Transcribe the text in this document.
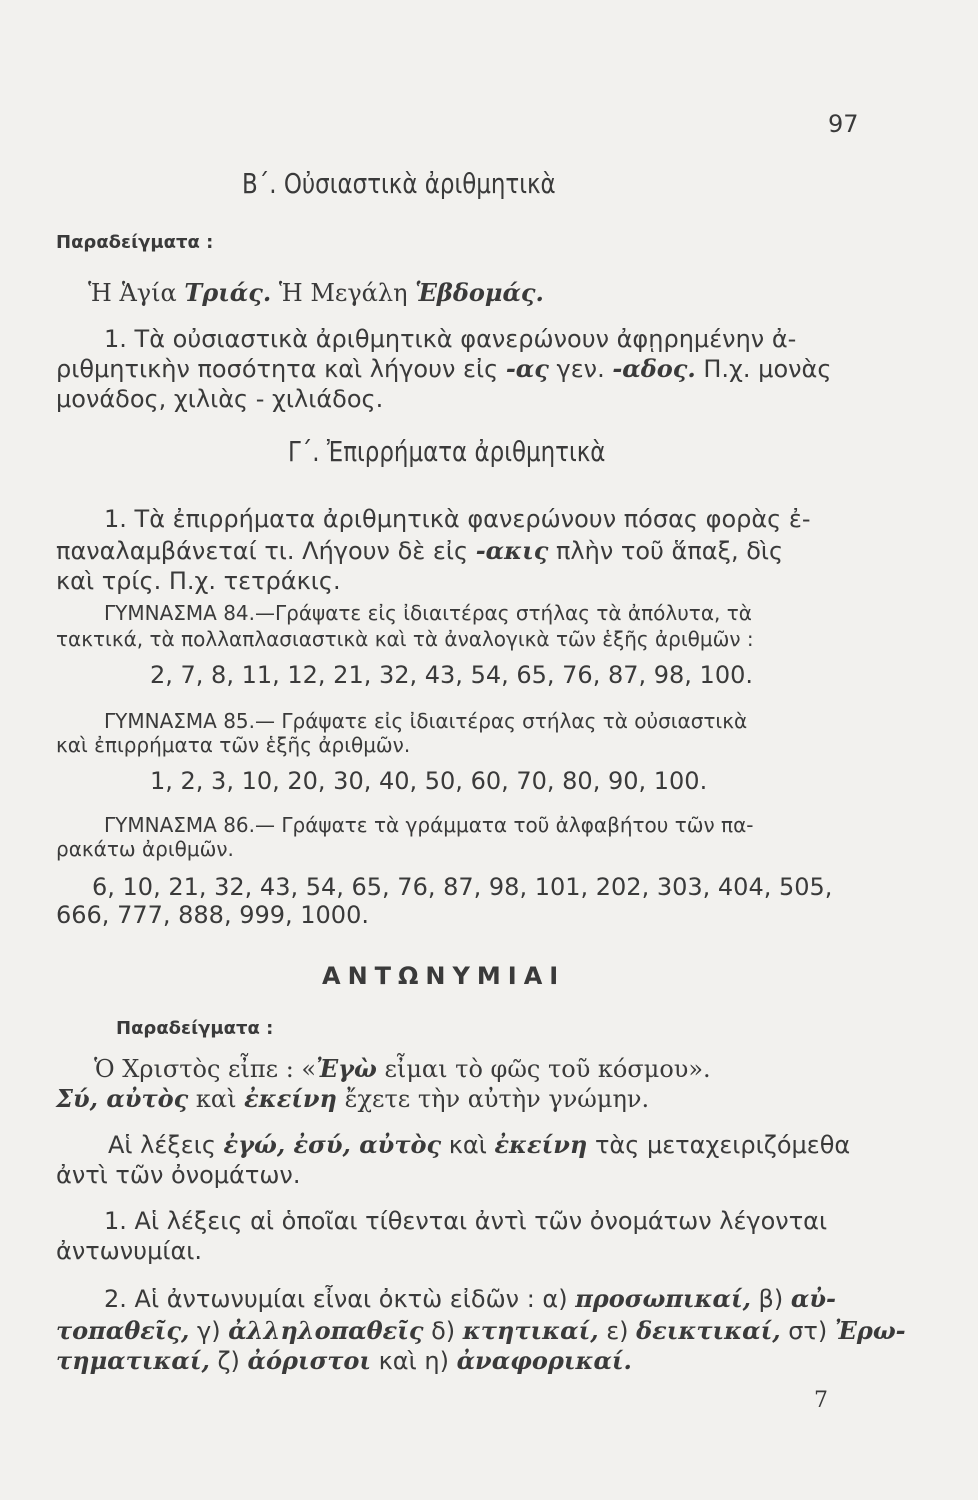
97
Β΄. Οὐσιαστικὰ ἀριθμητικὰ
Παραδείγματα :
Ἡ Ἁγία Τριάς. Ἡ Μεγάλη Ἑβδομάς.
1. Τὰ οὐσιαστικὰ ἀριθμητικὰ φανερώνουν ἀφῃρημένην ἀ-
ριθμητικὴν ποσότητα καὶ λήγουν εἰς -ας γεν. -αδος. Π.χ. μονὰς
μονάδος, χιλιὰς - χιλιάδος.
Γ΄. Ἐπιρρήματα ἀριθμητικὰ
1. Τὰ ἐπιρρήματα ἀριθμητικὰ φανερώνουν πόσας φορὰς ἐ-
παναλαμβάνεταί τι. Λήγουν δὲ εἰς -ακις πλὴν τοῦ ἅπαξ, δὶς
καὶ τρίς. Π.χ. τετράκις.
ΓΥΜΝΑΣΜΑ 84.—Γράψατε εἰς ἰδιαιτέρας στήλας τὰ ἀπόλυτα, τὰ
τακτικά, τὰ πολλαπλασιαστικὰ καὶ τὰ ἀναλογικὰ τῶν ἑξῆς ἀριθμῶν :
2, 7, 8, 11, 12, 21, 32, 43, 54, 65, 76, 87, 98, 100.
ΓΥΜΝΑΣΜΑ 85.— Γράψατε εἰς ἰδιαιτέρας στήλας τὰ οὐσιαστικὰ
καὶ ἐπιρρήματα τῶν ἑξῆς ἀριθμῶν.
1, 2, 3, 10, 20, 30, 40, 50, 60, 70, 80, 90, 100.
ΓΥΜΝΑΣΜΑ 86.— Γράψατε τὰ γράμματα τοῦ ἀλφαβήτου τῶν πα-
ρακάτω ἀριθμῶν.
6, 10, 21, 32, 43, 54, 65, 76, 87, 98, 101, 202, 303, 404, 505,
666, 777, 888, 999, 1000.
ΑΝΤΩΝΥΜΙΑΙ
Παραδείγματα :
Ὁ Χριστὸς εἶπε : «Ἐγὼ εἶμαι τὸ φῶς τοῦ κόσμου».
Σύ, αὐτὸς καὶ ἐκείνη ἔχετε τὴν αὐτὴν γνώμην.
Αἱ λέξεις ἐγώ, ἐσύ, αὐτὸς καὶ ἐκείνη τὰς μεταχειριζόμεθα
ἀντὶ τῶν ὀνομάτων.
1. Αἱ λέξεις αἱ ὁποῖαι τίθενται ἀντὶ τῶν ὀνομάτων λέγονται
ἀντωνυμίαι.
2. Αἱ ἀντωνυμίαι εἶναι ὀκτὼ εἰδῶν : α) προσωπικαί, β) αὐ-
τοπαθεῖς, γ) ἀλληλοπαθεῖς δ) κτητικαί, ε) δεικτικαί, στ) Ἐρω-
τηματικαί, ζ) ἀόριστοι καὶ η) ἀναφορικαί.
7
